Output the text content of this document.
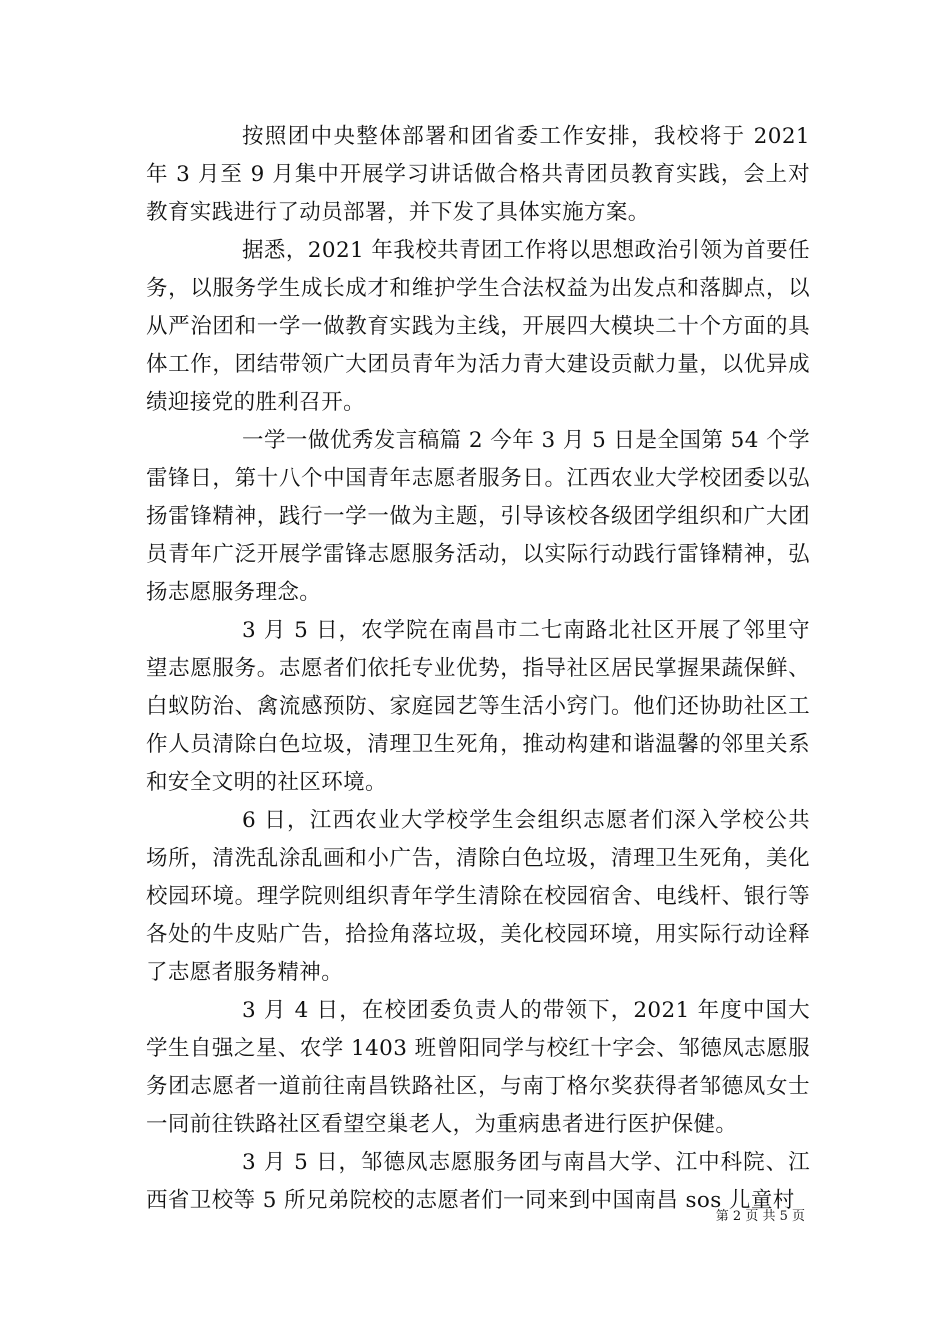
按照团中央整体部署和团省委工作安排，我校将于 2021 年 3 月至 9 月集中开展学习讲话做合格共青团员教育实践，会上对教育实践进行了动员部署，并下发了具体实施方案。

据悉，2021 年我校共青团工作将以思想政治引领为首要任务，以服务学生成长成才和维护学生合法权益为出发点和落脚点，以从严治团和一学一做教育实践为主线，开展四大模块二十个方面的具体工作，团结带领广大团员青年为活力青大建设贡献力量，以优异成绩迎接党的胜利召开。

一学一做优秀发言稿篇 2 今年 3 月 5 日是全国第 54 个学雷锋日，第十八个中国青年志愿者服务日。江西农业大学校团委以弘扬雷锋精神，践行一学一做为主题，引导该校各级团学组织和广大团员青年广泛开展学雷锋志愿服务活动，以实际行动践行雷锋精神，弘扬志愿服务理念。

3 月 5 日，农学院在南昌市二七南路北社区开展了邻里守望志愿服务。志愿者们依托专业优势，指导社区居民掌握果蔬保鲜、白蚁防治、禽流感预防、家庭园艺等生活小窍门。他们还协助社区工作人员清除白色垃圾，清理卫生死角，推动构建和谐温馨的邻里关系和安全文明的社区环境。

6 日，江西农业大学校学生会组织志愿者们深入学校公共场所，清洗乱涂乱画和小广告，清除白色垃圾，清理卫生死角，美化校园环境。理学院则组织青年学生清除在校园宿舍、电线杆、银行等各处的牛皮贴广告，拾捡角落垃圾，美化校园环境，用实际行动诠释了志愿者服务精神。

3 月 4 日，在校团委负责人的带领下，2021 年度中国大学生自强之星、农学 1403 班曾阳同学与校红十字会、邹德凤志愿服务团志愿者一道前往南昌铁路社区，与南丁格尔奖获得者邹德凤女士一同前往铁路社区看望空巢老人，为重病患者进行医护保健。

3 月 5 日，邹德凤志愿服务团与南昌大学、江中科院、江西省卫校等 5 所兄弟院校的志愿者们一同来到中国南昌 sos 儿童村

第 2 页 共 5 页
